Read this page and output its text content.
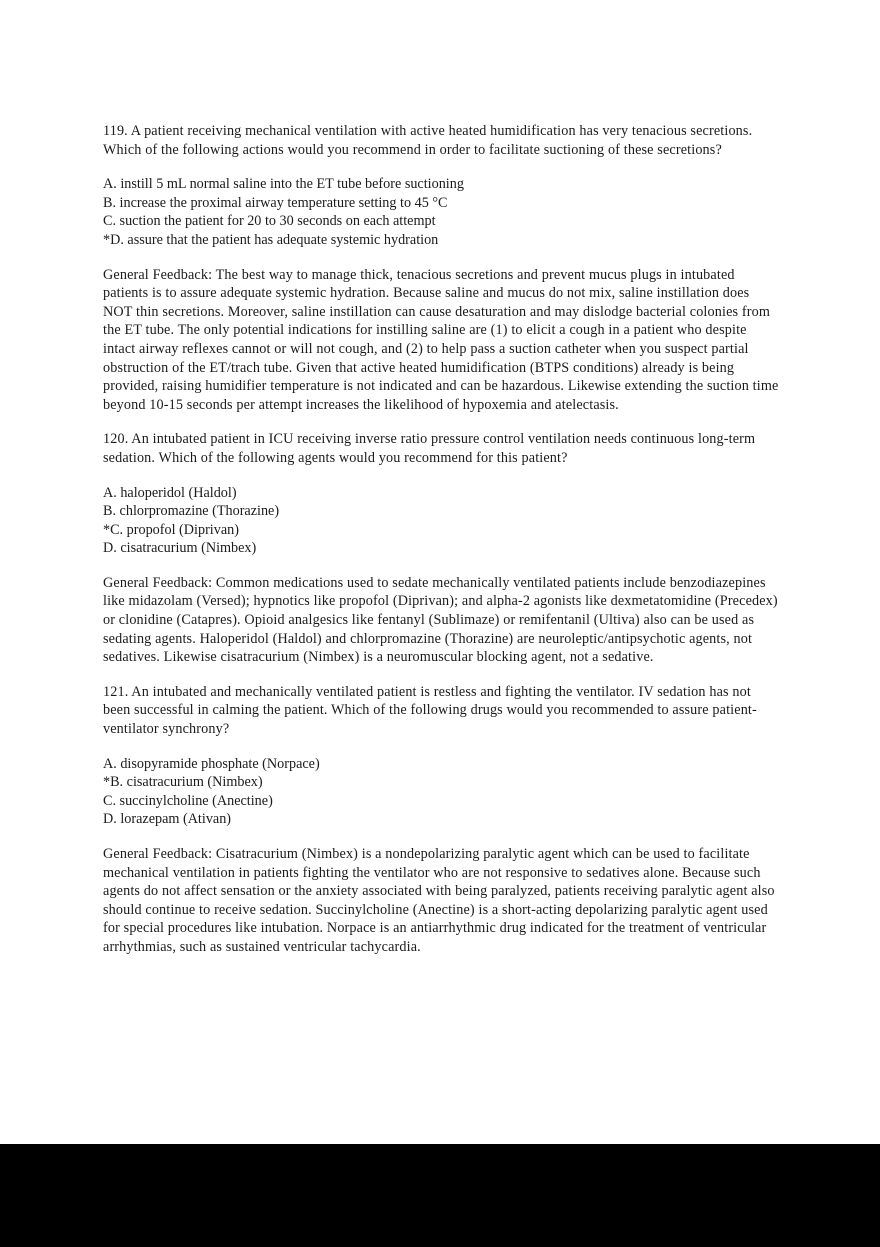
119. A patient receiving mechanical ventilation with active heated humidification has very tenacious secretions. Which of the following actions would you recommend in order to facilitate suctioning of these secretions?

A. instill 5 mL normal saline into the ET tube before suctioning
B. increase the proximal airway temperature setting to 45 °C
C. suction the patient for 20 to 30 seconds on each attempt
*D. assure that the patient has adequate systemic hydration

General Feedback: The best way to manage thick, tenacious secretions and prevent mucus plugs in intubated patients is to assure adequate systemic hydration. Because saline and mucus do not mix, saline instillation does NOT thin secretions. Moreover, saline instillation can cause desaturation and may dislodge bacterial colonies from the ET tube. The only potential indications for instilling saline are (1) to elicit a cough in a patient who despite intact airway reflexes cannot or will not cough, and (2) to help pass a suction catheter when you suspect partial obstruction of the ET/trach tube. Given that active heated humidification (BTPS conditions) already is being provided, raising humidifier temperature is not indicated and can be hazardous. Likewise extending the suction time beyond 10-15 seconds per attempt increases the likelihood of hypoxemia and atelectasis.

120. An intubated patient in ICU receiving inverse ratio pressure control ventilation needs continuous long-term sedation. Which of the following agents would you recommend for this patient?

A. haloperidol (Haldol)
B. chlorpromazine (Thorazine)
*C. propofol (Diprivan)
D. cisatracurium (Nimbex)

General Feedback: Common medications used to sedate mechanically ventilated patients include benzodiazepines like midazolam (Versed); hypnotics like propofol (Diprivan); and alpha-2 agonists like dexmetatomidine (Precedex) or clonidine (Catapres). Opioid analgesics like fentanyl (Sublimaze) or remifentanil (Ultiva) also can be used as sedating agents. Haloperidol (Haldol) and chlorpromazine (Thorazine) are neuroleptic/antipsychotic agents, not sedatives. Likewise cisatracurium (Nimbex) is a neuromuscular blocking agent, not a sedative.

121. An intubated and mechanically ventilated patient is restless and fighting the ventilator. IV sedation has not been successful in calming the patient. Which of the following drugs would you recommended to assure patient-ventilator synchrony?

A. disopyramide phosphate (Norpace)
*B. cisatracurium (Nimbex)
C. succinylcholine (Anectine)
D. lorazepam (Ativan)

General Feedback: Cisatracurium (Nimbex) is a nondepolarizing paralytic agent which can be used to facilitate mechanical ventilation in patients fighting the ventilator who are not responsive to sedatives alone. Because such agents do not affect sensation or the anxiety associated with being paralyzed, patients receiving paralytic agent also should continue to receive sedation. Succinylcholine (Anectine) is a short-acting depolarizing paralytic agent used for special procedures like intubation. Norpace is an antiarrhythmic drug indicated for the treatment of ventricular arrhythmias, such as sustained ventricular tachycardia.
